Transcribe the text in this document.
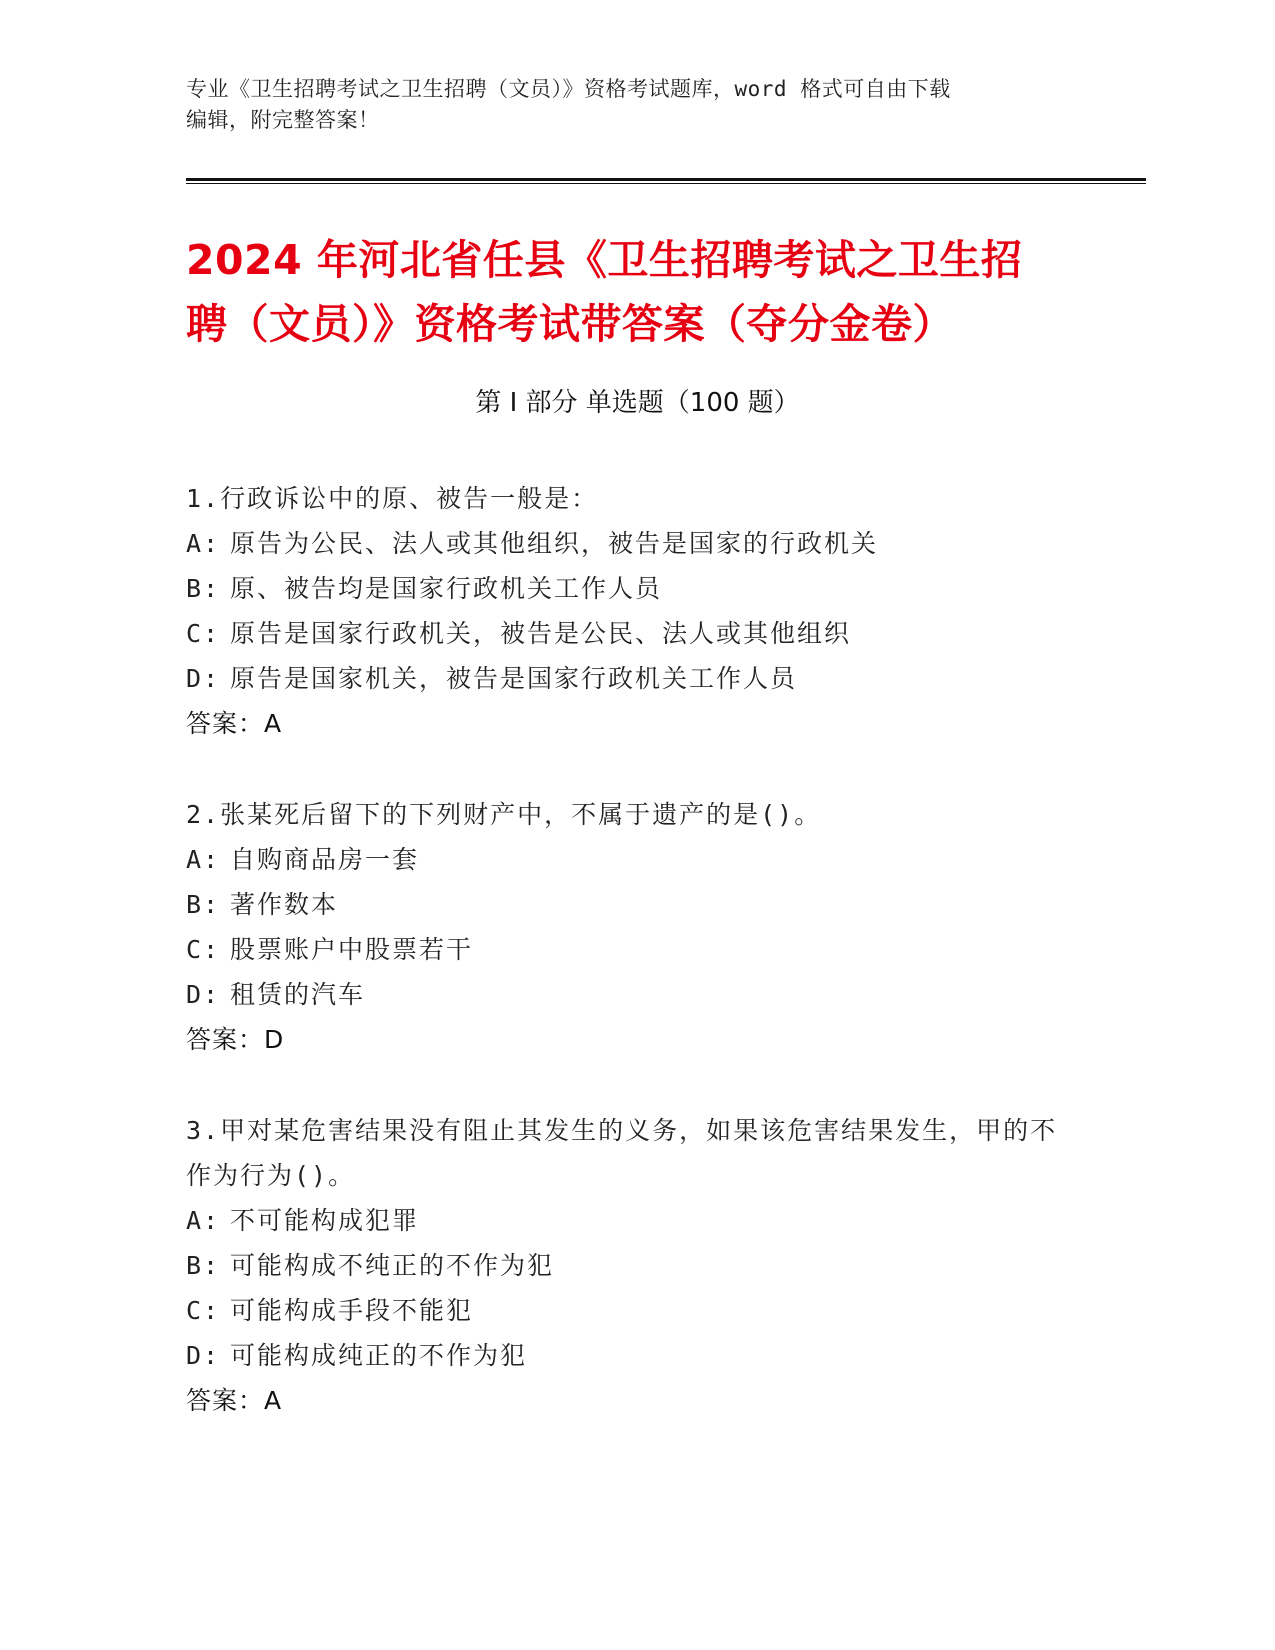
专业《卫生招聘考试之卫生招聘（文员）》资格考试题库，word 格式可自由下载
编辑，附完整答案！
2024 年河北省任县《卫生招聘考试之卫生招
聘（文员）》资格考试带答案（夺分金卷）
第 I 部分 单选题（100 题）
1.行政诉讼中的原、被告一般是：
A: 原告为公民、法人或其他组织，被告是国家的行政机关
B: 原、被告均是国家行政机关工作人员
C: 原告是国家行政机关，被告是公民、法人或其他组织
D: 原告是国家机关，被告是国家行政机关工作人员
答案：A
2.张某死后留下的下列财产中，不属于遗产的是()。
A: 自购商品房一套
B: 著作数本
C: 股票账户中股票若干
D: 租赁的汽车
答案：D
3.甲对某危害结果没有阻止其发生的义务，如果该危害结果发生，甲的不作为行为()。
A: 不可能构成犯罪
B: 可能构成不纯正的不作为犯
C: 可能构成手段不能犯
D: 可能构成纯正的不作为犯
答案：A
